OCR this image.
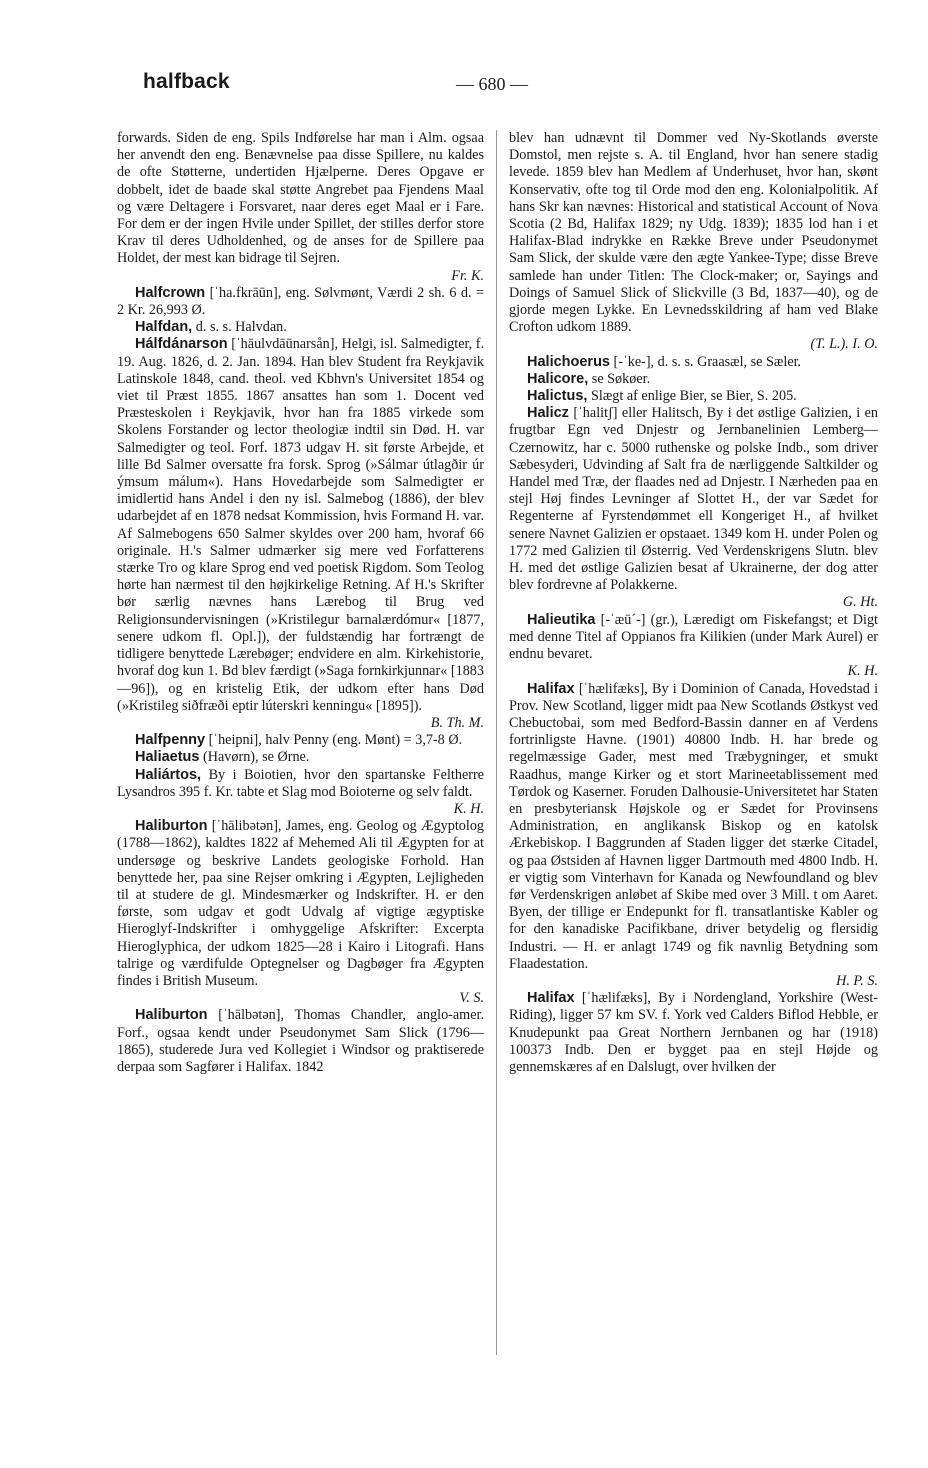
halfback	— 680 —

forwards. Siden de eng. Spils Indførelse har man i Alm. ogsaa her anvendt den eng. Benævnelse paa disse Spillere, nu kaldes de ofte Støtterne, undertiden Hjælperne. Deres Opgave er dobbelt, idet de baade skal støtte Angrebet paa Fjendens Maal og være Deltagere i Forsvaret, naar deres eget Maal er i Fare. For dem er der ingen Hvile under Spillet, der stilles derfor store Krav til deres Udholdenhed, og de anses for de Spillere paa Holdet, der mest kan bidrage til Sejren.
Fr. K.

Halfcrown [ˈha.fkrāūn], eng. Sølvmønt, Værdi 2 sh. 6 d. = 2 Kr. 26,993 Ø.

Halfdan, d. s. s. Halvdan.

Hálfdánarson [ˈhāulvdāūnarsån], Helgi, isl. Salmedigter, f. 19. Aug. 1826, d. 2. Jan. 1894. Han blev Student fra Reykjavik Latinskole 1848, cand. theol. ved Kbhvn's Universitet 1854 og viet til Præst 1855. 1867 ansattes han som 1. Docent ved Præsteskolen i Reykjavik, hvor han fra 1885 virkede som Skolens Forstander og lector theologiæ indtil sin Død. H. var Salmedigter og teol. Forf. 1873 udgav H. sit første Arbejde, et lille Bd Salmer oversatte fra forsk. Sprog (»Sálmar útlagðir úr ýmsum málum«). Hans Hovedarbejde som Salmedigter er imidlertid hans Andel i den ny isl. Salmebog (1886), der blev udarbejdet af en 1878 nedsat Kommission, hvis Formand H. var. Af Salmebogens 650 Salmer skyldes over 200 ham, hvoraf 66 originale. H.'s Salmer udmærker sig mere ved Forfatterens stærke Tro og klare Sprog end ved poetisk Rigdom. Som Teolog hørte han nærmest til den højkirkelige Retning. Af H.'s Skrifter bør særlig nævnes hans Lærebog til Brug ved Religionsundervisningen (»Kristilegur barnalærdómur« [1877, senere udkom fl. Opl.]), der fuldstændig har fortrængt de tidligere benyttede Lærebøger; endvidere en alm. Kirkehistorie, hvoraf dog kun 1. Bd blev færdigt (»Saga fornkirkjunnar« [1883—96]), og en kristelig Etik, der udkom efter hans Død (»Kristileg siðfræði eptir lúterskri kenningu« [1895]).
B. Th. M.

Halfpenny [ˈheipni], halv Penny (eng. Mønt) = 3,7-8 Ø.

Haliaetus (Havørn), se Ørne.

Haliártos, By i Boiotien, hvor den spartanske Feltherre Lysandros 395 f. Kr. tabte et Slag mod Boioterne og selv faldt.
K. H.

Haliburton [ˈhālibətən], James, eng. Geolog og Ægyptolog (1788—1862), kaldtes 1822 af Mehemed Ali til Ægypten for at undersøge og beskrive Landets geologiske Forhold. Han benyttede her, paa sine Rejser omkring i Ægypten, Lejligheden til at studere de gl. Mindesmærker og Indskrifter. H. er den første, som udgav et godt Udvalg af vigtige ægyptiske Hieroglyf-Indskrifter i omhyggelige Afskrifter: Excerpta Hieroglyphica, der udkom 1825—28 i Kairo i Litografi. Hans talrige og værdifulde Optegnelser og Dagbøger fra Ægypten findes i British Museum.
V. S.

Haliburton [ˈhālbətən], Thomas Chandler, anglo-amer. Forf., ogsaa kendt under Pseudonymet Sam Slick (1796—1865), studerede Jura ved Kollegiet i Windsor og praktiserede derpaa som Sagfører i Halifax. 1842

blev han udnævnt til Dommer ved Ny-Skotlands øverste Domstol, men rejste s. A. til England, hvor han senere stadig levede. 1859 blev han Medlem af Underhuset, hvor han, skønt Konservativ, ofte tog til Orde mod den eng. Kolonialpolitik. Af hans Skr kan nævnes: Historical and statistical Account of Nova Scotia (2 Bd, Halifax 1829; ny Udg. 1839); 1835 lod han i et Halifax-Blad indrykke en Række Breve under Pseudonymet Sam Slick, der skulde være den ægte Yankee-Type; disse Breve samlede han under Titlen: The Clock-maker; or, Sayings and Doings of Samuel Slick of Slickville (3 Bd, 1837—40), og de gjorde megen Lykke. En Levnedsskildring af ham ved Blake Crofton udkom 1889.
(T. L.). I. O.

Halichoerus [-ˈke-], d. s. s. Graasæl, se Sæler.

Halicore, se Søkøer.

Halictus, Slægt af enlige Bier, se Bier, S. 205.

Halicz [ˈhalitʃ] eller Halitsch, By i det østlige Galizien, i en frugtbar Egn ved Dnjestr og Jernbanelinien Lemberg—Czernowitz, har c. 5000 ruthenske og polske Indb., som driver Sæbesyderi, Udvinding af Salt fra de nærliggende Saltkilder og Handel med Træ, der flaades ned ad Dnjestr. I Nærheden paa en stejl Høj findes Levninger af Slottet H., der var Sædet for Regenterne af Fyrstendømmet ell Kongeriget H., af hvilket senere Navnet Galizien er opstaaet. 1349 kom H. under Polen og 1772 med Galizien til Østerrig. Ved Verdenskrigens Slutn. blev H. med det østlige Galizien besat af Ukrainerne, der dog atter blev fordrevne af Polakkerne.
G. Ht.

Halieutika [-ˈæū´-] (gr.), Læredigt om Fiskefangst; et Digt med denne Titel af Oppianos fra Kilikien (under Mark Aurel) er endnu bevaret.
K. H.

Halifax [ˈhælifæks], By i Dominion of Canada, Hovedstad i Prov. New Scotland, ligger midt paa New Scotlands Østkyst ved Chebuctobai, som med Bedford-Bassin danner en af Verdens fortrinligste Havne. (1901) 40800 Indb. H. har brede og regelmæssige Gader, mest med Træbygninger, et smukt Raadhus, mange Kirker og et stort Marineetablissement med Tørdok og Kaserner. Foruden Dalhousie-Universitetet har Staten en presbyteriansk Højskole og er Sædet for Provinsens Administration, en anglikansk Biskop og en katolsk Ærkebiskop. I Baggrunden af Staden ligger det stærke Citadel, og paa Østsiden af Havnen ligger Dartmouth med 4800 Indb. H. er vigtig som Vinterhavn for Kanada og Newfoundland og blev før Verdenskrigen anløbet af Skibe med over 3 Mill. t om Aaret. Byen, der tillige er Endepunkt for fl. transatlantiske Kabler og for den kanadiske Pacifikbane, driver betydelig og flersidig Industri. — H. er anlagt 1749 og fik navnlig Betydning som Flaadestation.
H. P. S.

Halifax [ˈhælifæks], By i Nordengland, Yorkshire (West-Riding), ligger 57 km SV. f. York ved Calders Biflod Hebble, er Knudepunkt paa Great Northern Jernbanen og har (1918) 100373 Indb. Den er bygget paa en stejl Højde og gennemskæres af en Dalslugt, over hvilken der
